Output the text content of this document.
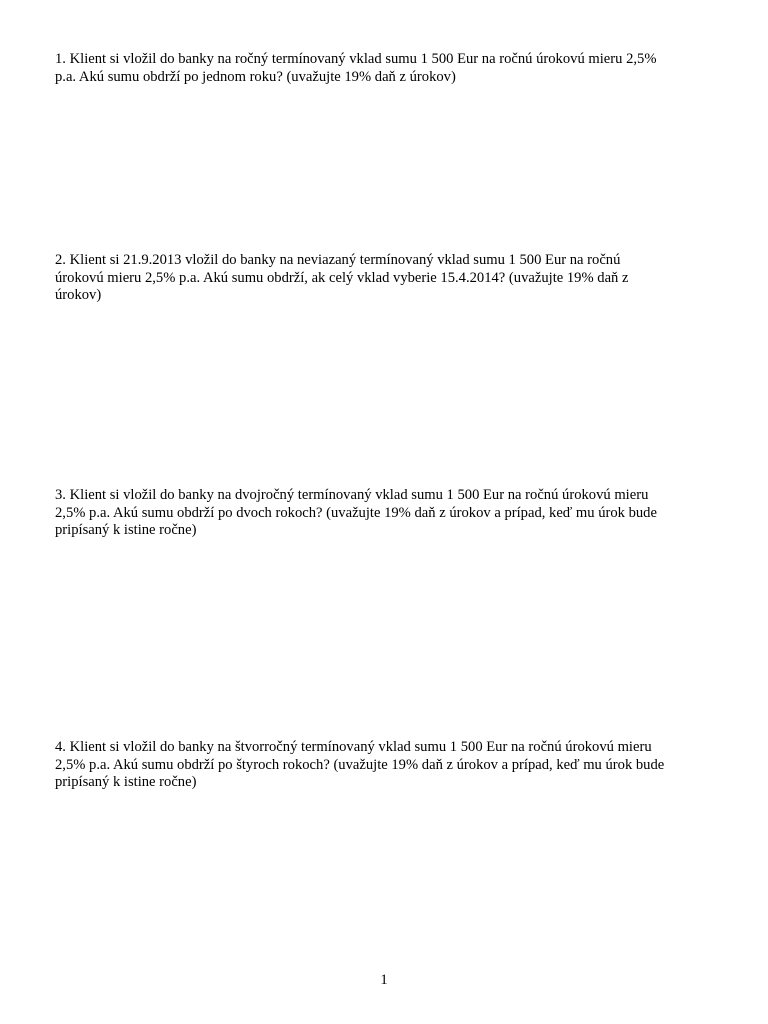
1. Klient si vložil do banky na ročný termínovaný vklad sumu 1 500 Eur na ročnú úrokovú mieru 2,5%
p.a. Akú sumu obdrží po jednom roku? (uvažujte 19% daň z úrokov)

2. Klient si 21.9.2013 vložil do banky na neviazaný termínovaný vklad sumu 1 500 Eur na ročnú
úrokovú mieru 2,5% p.a. Akú sumu obdrží, ak celý vklad vyberie 15.4.2014? (uvažujte 19% daň z
úrokov)

3. Klient si vložil do banky na dvojročný termínovaný vklad sumu 1 500 Eur na ročnú úrokovú mieru
2,5% p.a. Akú sumu obdrží po dvoch rokoch? (uvažujte 19% daň z úrokov a prípad, keď mu úrok bude
pripísaný k istine ročne)

4. Klient si vložil do banky na štvorročný termínovaný vklad sumu 1 500 Eur na ročnú úrokovú mieru
2,5% p.a. Akú sumu obdrží po štyroch rokoch? (uvažujte 19% daň z úrokov a prípad, keď mu úrok bude
pripísaný k istine ročne)

1
